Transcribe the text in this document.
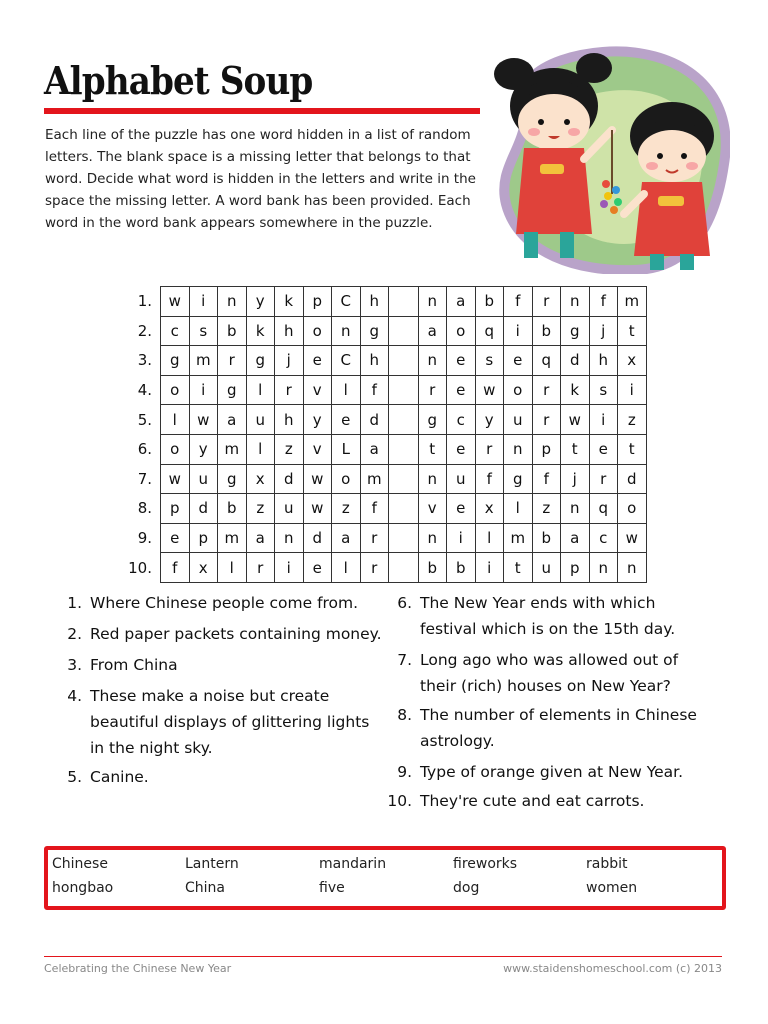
Alphabet Soup
Each line of the puzzle has one word hidden in a list of random letters. The blank space is a missing letter that belongs to that word. Decide what word is hidden in the letters and write in the space the missing letter. A word bank has been provided. Each word in the word bank appears somewhere in the puzzle.
1.	w	i	n	y	k	p	C	h		n	a	b	f	r	n	f	m
2.	c	s	b	k	h	o	n	g		a	o	q	i	b	g	j	t
3.	g	m	r	g	j	e	C	h		n	e	s	e	q	d	h	x
4.	o	i	g	l	r	v	l	f		r	e	w	o	r	k	s	i
5.	l	w	a	u	h	y	e	d		g	c	y	u	r	w	i	z
6.	o	y	m	l	z	v	L	a		t	e	r	n	p	t	e	t
7.	w	u	g	x	d	w	o	m		n	u	f	g	f	j	r	d
8.	p	d	b	z	u	w	z	f		v	e	x	l	z	n	q	o
9.	e	p	m	a	n	d	a	r		n	i	l	m	b	a	c	w
10.	f	x	l	r	i	e	l	r		b	b	i	t	u	p	n	n
1. Where Chinese people come from.
2. Red paper packets containing money.
3. From China
4. These make a noise but create beautiful displays of glittering lights in the night sky.
5. Canine.
6. The New Year ends with which festival which is on the 15th day.
7. Long ago who was allowed out of their (rich) houses on New Year?
8. The number of elements in Chinese astrology.
9. Type of orange given at New Year.
10. They're cute and eat carrots.
Chinese	Lantern	mandarin	fireworks	rabbit
hongbao	China	five	dog	women
Celebrating the Chinese New Year	www.staidenshomeschool.com (c) 2013
